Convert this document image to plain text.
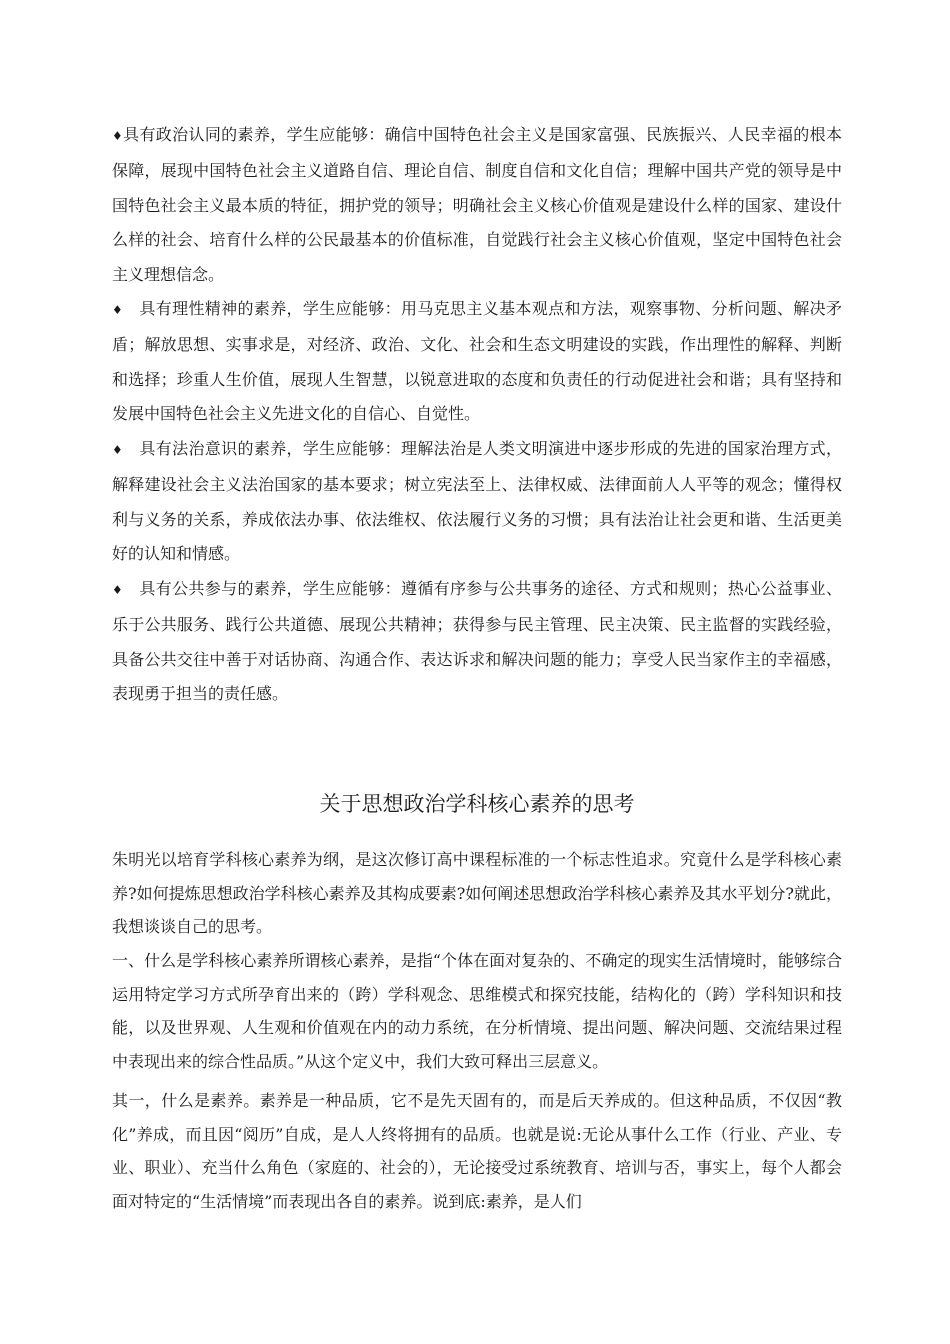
♦具有政治认同的素养，学生应能够：确信中国特色社会主义是国家富强、民族振兴、人民幸福的根本保障，展现中国特色社会主义道路自信、理论自信、制度自信和文化自信；理解中国共产党的领导是中国特色社会主义最本质的特征，拥护党的领导；明确社会主义核心价值观是建设什么样的国家、建设什么样的社会、培育什么样的公民最基本的价值标准，自觉践行社会主义核心价值观，坚定中国特色社会主义理想信念。

♦ 具有理性精神的素养，学生应能够：用马克思主义基本观点和方法，观察事物、分析问题、解决矛盾；解放思想、实事求是，对经济、政治、文化、社会和生态文明建设的实践，作出理性的解释、判断和选择；珍重人生价值，展现人生智慧，以锐意进取的态度和负责任的行动促进社会和谐；具有坚持和发展中国特色社会主义先进文化的自信心、自觉性。

♦ 具有法治意识的素养，学生应能够：理解法治是人类文明演进中逐步形成的先进的国家治理方式，解释建设社会主义法治国家的基本要求；树立宪法至上、法律权威、法律面前人人平等的观念；懂得权利与义务的关系，养成依法办事、依法维权、依法履行义务的习惯；具有法治让社会更和谐、生活更美好的认知和情感。

♦ 具有公共参与的素养，学生应能够：遵循有序参与公共事务的途径、方式和规则；热心公益事业、乐于公共服务、践行公共道德、展现公共精神；获得参与民主管理、民主决策、民主监督的实践经验，具备公共交往中善于对话协商、沟通合作、表达诉求和解决问题的能力；享受人民当家作主的幸福感，表现勇于担当的责任感。

关于思想政治学科核心素养的思考

朱明光以培育学科核心素养为纲，是这次修订高中课程标准的一个标志性追求。究竟什么是学科核心素养?如何提炼思想政治学科核心素养及其构成要素?如何阐述思想政治学科核心素养及其水平划分?就此，我想谈谈自己的思考。

一、什么是学科核心素养所谓核心素养，是指“个体在面对复杂的、不确定的现实生活情境时，能够综合运用特定学习方式所孕育出来的（跨）学科观念、思维模式和探究技能，结构化的（跨）学科知识和技能，以及世界观、人生观和价值观在内的动力系统，在分析情境、提出问题、解决问题、交流结果过程中表现出来的综合性品质。”从这个定义中，我们大致可释出三层意义。

其一，什么是素养。素养是一种品质，它不是先天固有的，而是后天养成的。但这种品质，不仅因“教化”养成，而且因“阅历”自成，是人人终将拥有的品质。也就是说:无论从事什么工作（行业、产业、专业、职业）、充当什么角色（家庭的、社会的），无论接受过系统教育、培训与否，事实上，每个人都会面对特定的“生活情境”而表现出各自的素养。说到底:素养，是人们
